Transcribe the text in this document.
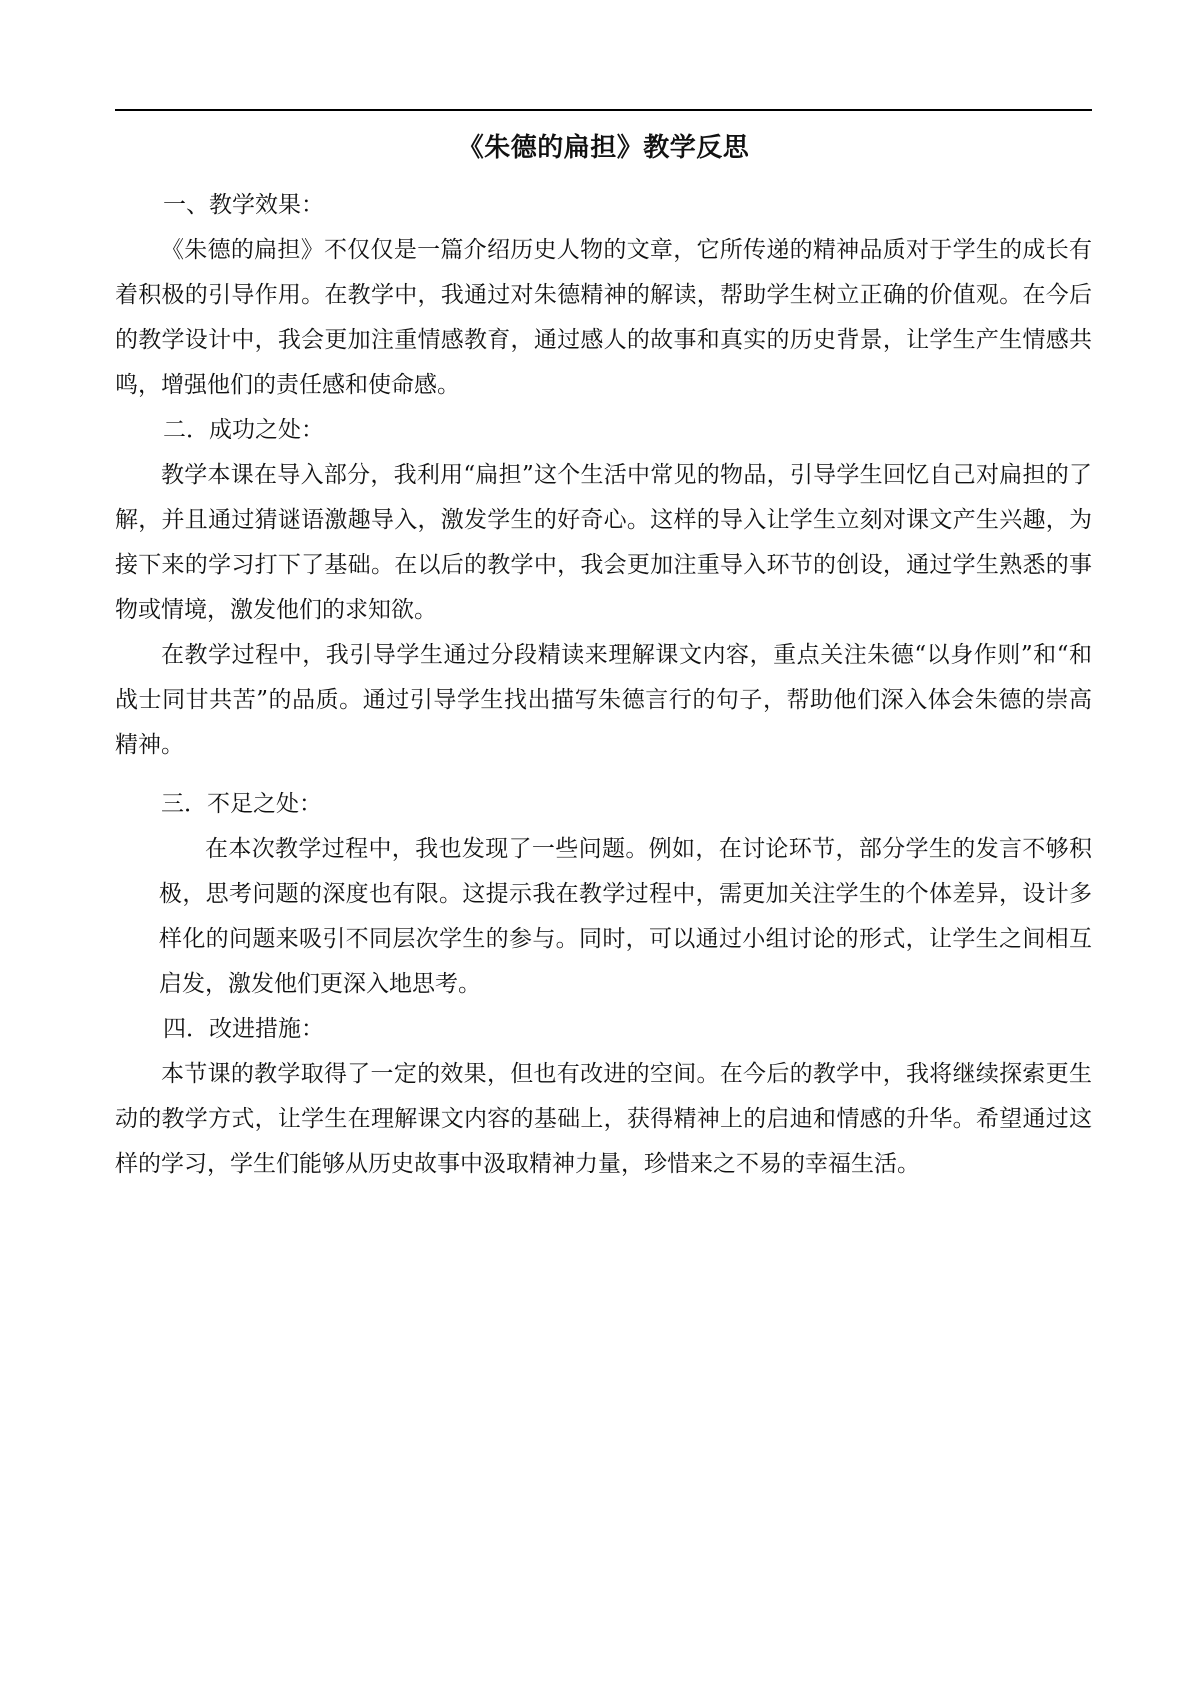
《朱德的扁担》教学反思

一、教学效果：

《朱德的扁担》不仅仅是一篇介绍历史人物的文章，它所传递的精神品质对于学生的成长有着积极的引导作用。在教学中，我通过对朱德精神的解读，帮助学生树立正确的价值观。在今后的教学设计中，我会更加注重情感教育，通过感人的故事和真实的历史背景，让学生产生情感共鸣，增强他们的责任感和使命感。

二．成功之处：

教学本课在导入部分，我利用“扁担”这个生活中常见的物品，引导学生回忆自己对扁担的了解，并且通过猜谜语激趣导入，激发学生的好奇心。这样的导入让学生立刻对课文产生兴趣，为接下来的学习打下了基础。在以后的教学中，我会更加注重导入环节的创设，通过学生熟悉的事物或情境，激发他们的求知欲。

在教学过程中，我引导学生通过分段精读来理解课文内容，重点关注朱德“以身作则”和“和战士同甘共苦”的品质。通过引导学生找出描写朱德言行的句子，帮助他们深入体会朱德的崇高精神。

三．不足之处：

在本次教学过程中，我也发现了一些问题。例如，在讨论环节，部分学生的发言不够积极，思考问题的深度也有限。这提示我在教学过程中，需更加关注学生的个体差异，设计多样化的问题来吸引不同层次学生的参与。同时，可以通过小组讨论的形式，让学生之间相互启发，激发他们更深入地思考。

四．改进措施：

本节课的教学取得了一定的效果，但也有改进的空间。在今后的教学中，我将继续探索更生动的教学方式，让学生在理解课文内容的基础上，获得精神上的启迪和情感的升华。希望通过这样的学习，学生们能够从历史故事中汲取精神力量，珍惜来之不易的幸福生活。
